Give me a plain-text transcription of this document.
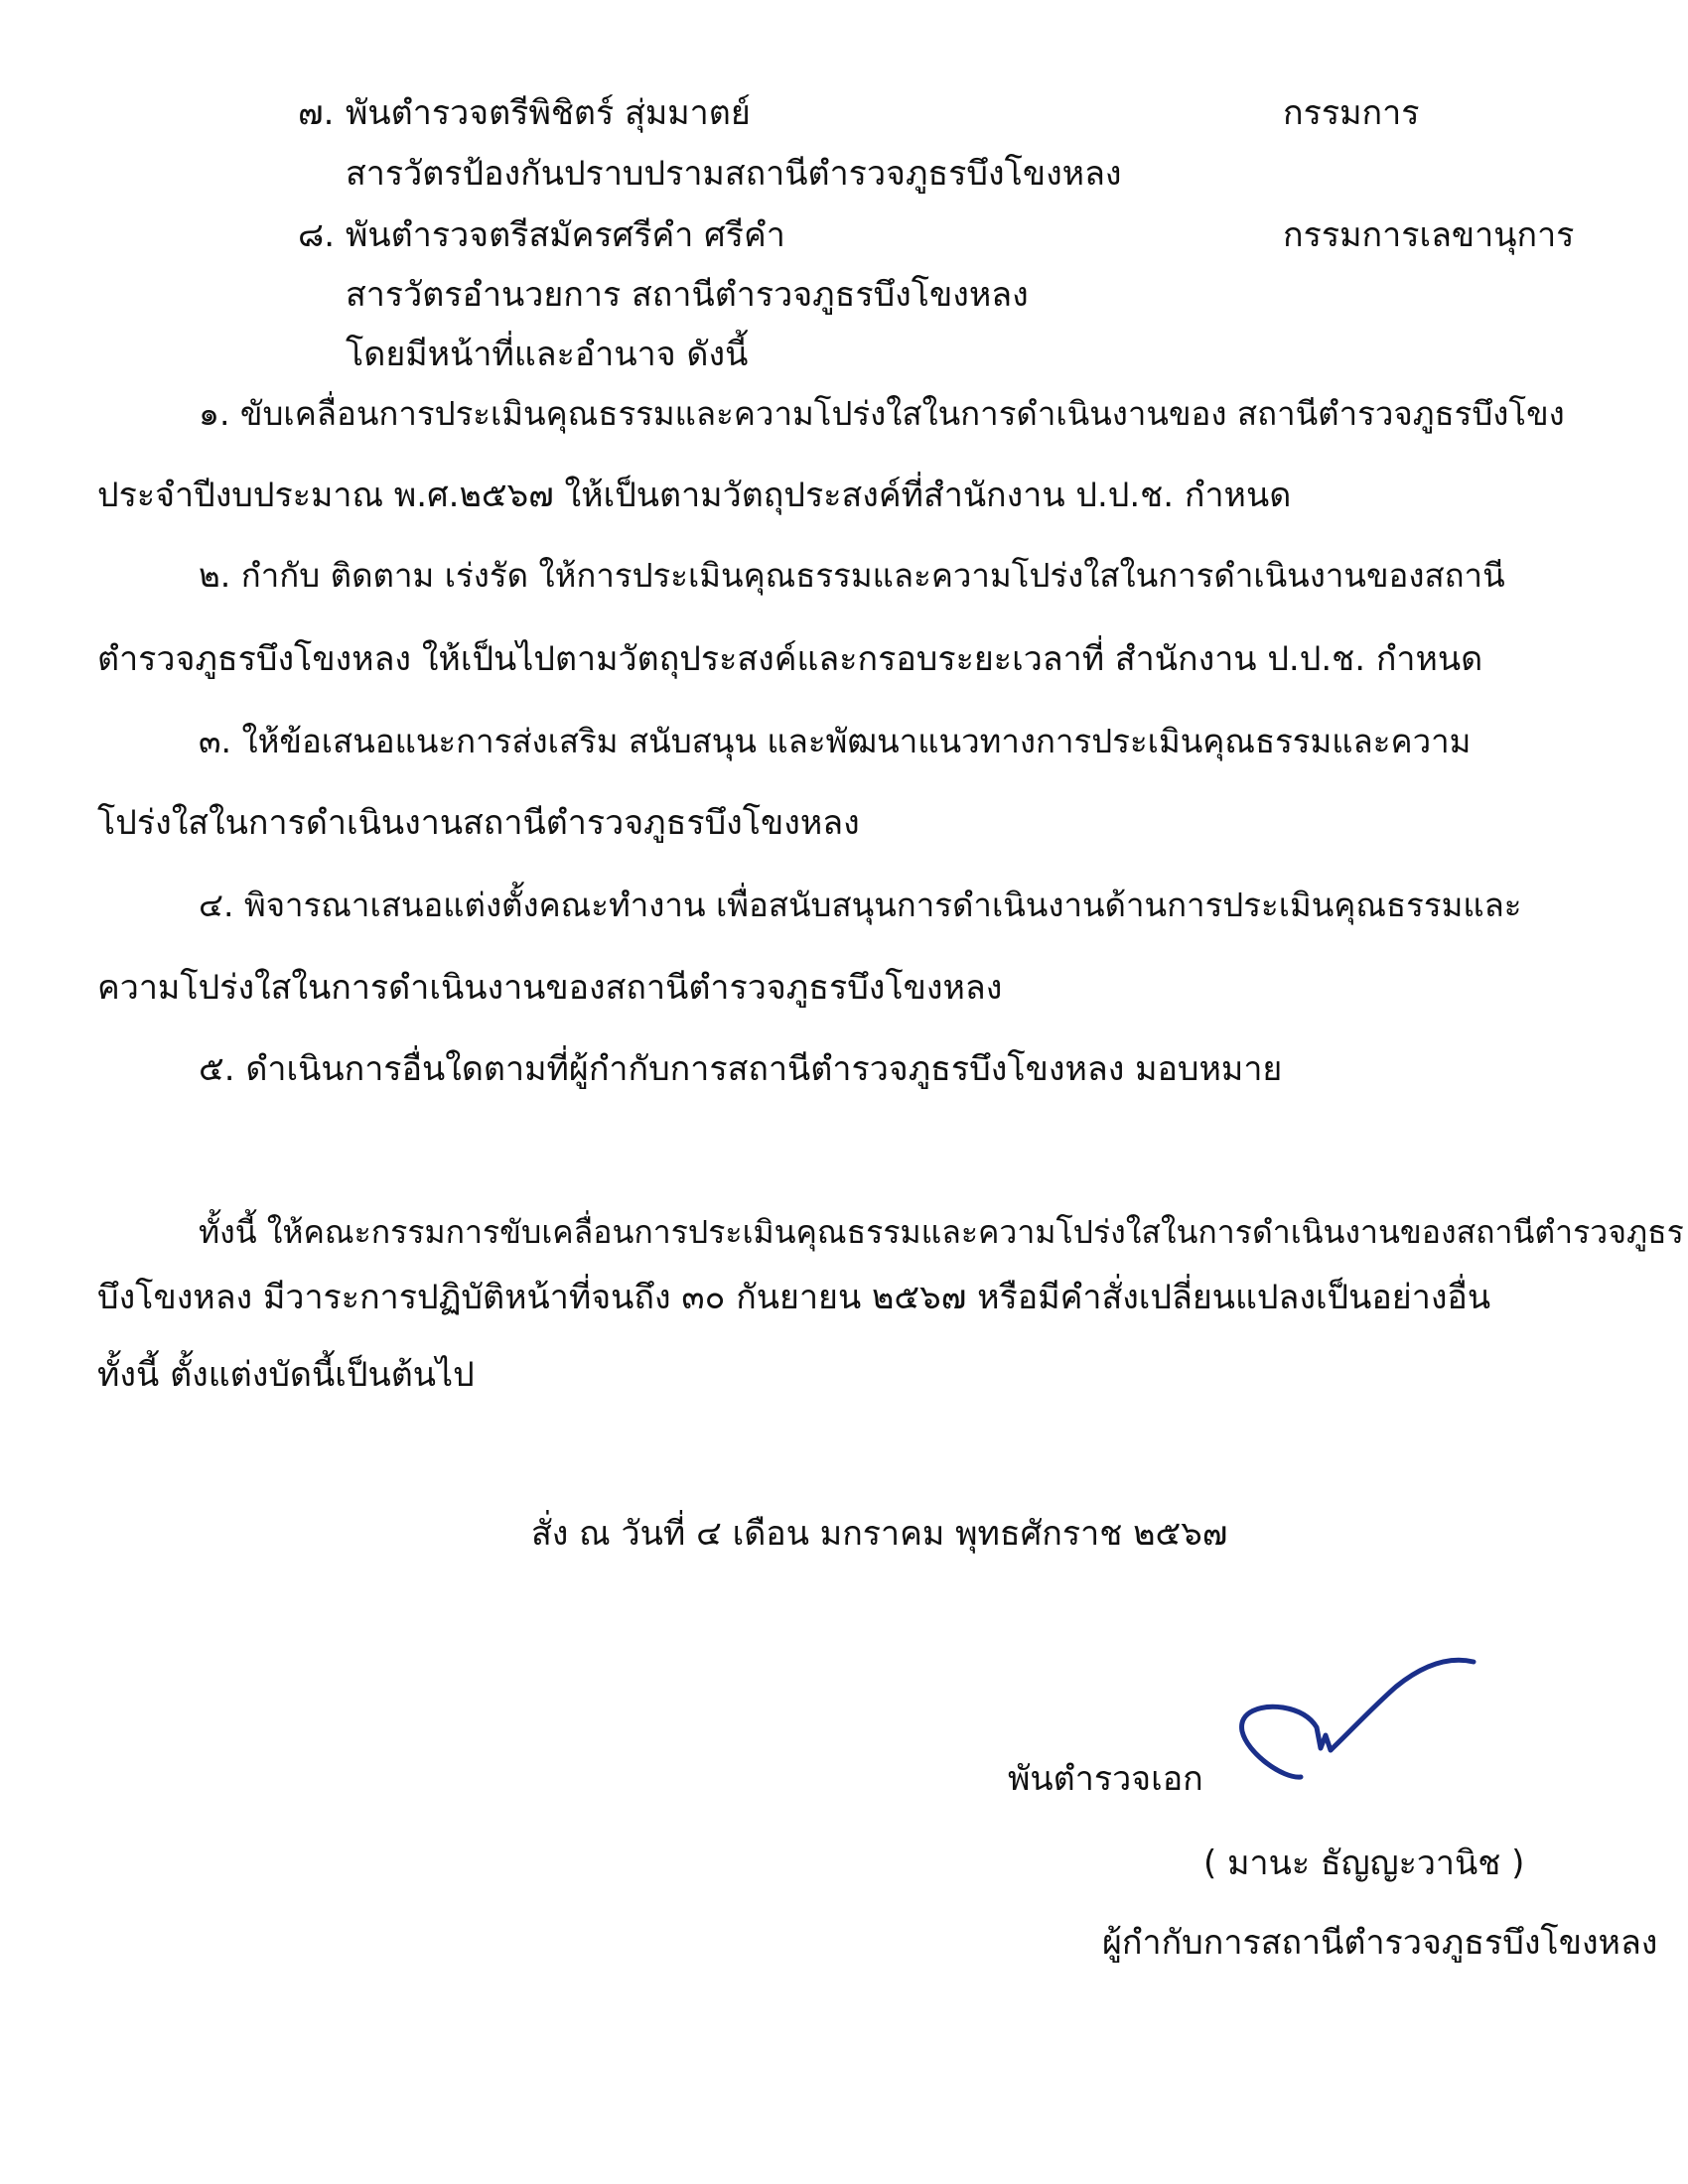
๗. พันตำรวจตรีพิชิตร์ สุ่มมาตย์	กรรมการ
สารวัตรป้องกันปราบปรามสถานีตำรวจภูธรบึงโขงหลง
๘. พันตำรวจตรีสมัครศรีคำ ศรีคำ	กรรมการเลขานุการ
สารวัตรอำนวยการ สถานีตำรวจภูธรบึงโขงหลง
โดยมีหน้าที่และอำนาจ ดังนี้
๑. ขับเคลื่อนการประเมินคุณธรรมและความโปร่งใสในการดำเนินงานของ สถานีตำรวจภูธรบึงโขง
ประจำปีงบประมาณ พ.ศ.๒๕๖๗ ให้เป็นตามวัตถุประสงค์ที่สำนักงาน ป.ป.ช. กำหนด
๒. กำกับ ติดตาม เร่งรัด ให้การประเมินคุณธรรมและความโปร่งใสในการดำเนินงานของสถานี
ตำรวจภูธรบึงโขงหลง ให้เป็นไปตามวัตถุประสงค์และกรอบระยะเวลาที่ สำนักงาน ป.ป.ช. กำหนด
๓. ให้ข้อเสนอแนะการส่งเสริม สนับสนุน และพัฒนาแนวทางการประเมินคุณธรรมและความ
โปร่งใสในการดำเนินงานสถานีตำรวจภูธรบึงโขงหลง
๔. พิจารณาเสนอแต่งตั้งคณะทำงาน เพื่อสนับสนุนการดำเนินงานด้านการประเมินคุณธรรมและ
ความโปร่งใสในการดำเนินงานของสถานีตำรวจภูธรบึงโขงหลง
๕. ดำเนินการอื่นใดตามที่ผู้กำกับการสถานีตำรวจภูธรบึงโขงหลง มอบหมาย
ทั้งนี้ ให้คณะกรรมการขับเคลื่อนการประเมินคุณธรรมและความโปร่งใสในการดำเนินงานของสถานีตำรวจภูธร
บึงโขงหลง มีวาระการปฏิบัติหน้าที่จนถึง ๓๐ กันยายน ๒๕๖๗ หรือมีคำสั่งเปลี่ยนแปลงเป็นอย่างอื่น
ทั้งนี้ ตั้งแต่งบัดนี้เป็นต้นไป
สั่ง ณ วันที่ ๔ เดือน มกราคม พุทธศักราช ๒๕๖๗
พันตำรวจเอก
( มานะ ธัญญะวานิช )
ผู้กำกับการสถานีตำรวจภูธรบึงโขงหลง
